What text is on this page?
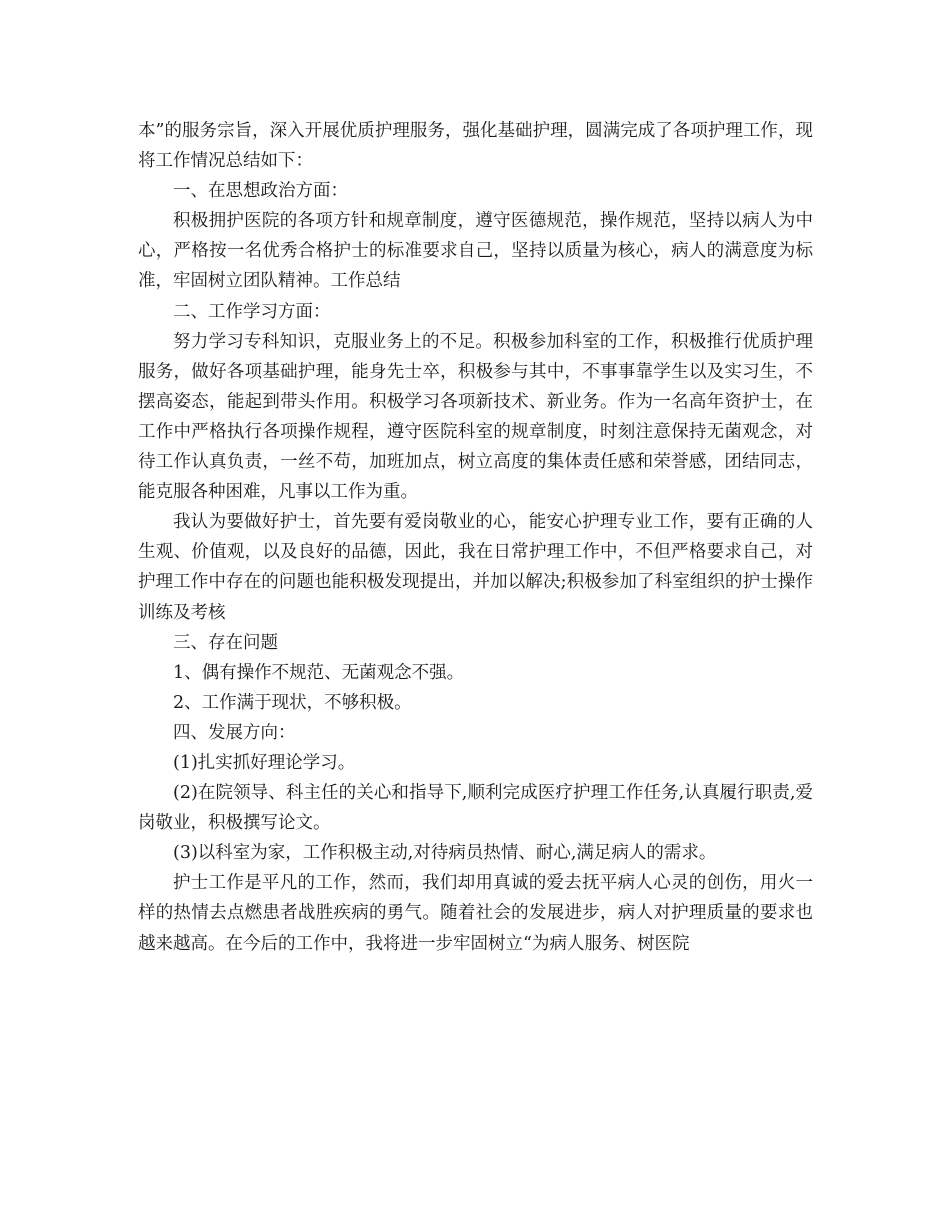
本”的服务宗旨，深入开展优质护理服务，强化基础护理，圆满完成了各项护理工作，现将工作情况总结如下：

一、在思想政治方面：

积极拥护医院的各项方针和规章制度，遵守医德规范，操作规范，坚持以病人为中心，严格按一名优秀合格护士的标准要求自己，坚持以质量为核心，病人的满意度为标准，牢固树立团队精神。工作总结

二、工作学习方面：

努力学习专科知识，克服业务上的不足。积极参加科室的工作，积极推行优质护理服务，做好各项基础护理，能身先士卒，积极参与其中，不事事靠学生以及实习生，不摆高姿态，能起到带头作用。积极学习各项新技术、新业务。作为一名高年资护士，在工作中严格执行各项操作规程，遵守医院科室的规章制度，时刻注意保持无菌观念，对待工作认真负责，一丝不苟，加班加点，树立高度的集体责任感和荣誉感，团结同志，能克服各种困难，凡事以工作为重。

我认为要做好护士，首先要有爱岗敬业的心，能安心护理专业工作，要有正确的人生观、价值观，以及良好的品德，因此，我在日常护理工作中，不但严格要求自己，对护理工作中存在的问题也能积极发现提出，并加以解决;积极参加了科室组织的护士操作训练及考核

三、存在问题

1、偶有操作不规范、无菌观念不强。

2、工作满于现状，不够积极。

四、发展方向：

(1)扎实抓好理论学习。

(2)在院领导、科主任的关心和指导下,顺利完成医疗护理工作任务,认真履行职责,爱岗敬业，积极撰写论文。

(3)以科室为家，工作积极主动,对待病员热情、耐心,满足病人的需求。

护士工作是平凡的工作，然而，我们却用真诚的爱去抚平病人心灵的创伤，用火一样的热情去点燃患者战胜疾病的勇气。随着社会的发展进步，病人对护理质量的要求也越来越高。在今后的工作中，我将进一步牢固树立“为病人服务、树医院
